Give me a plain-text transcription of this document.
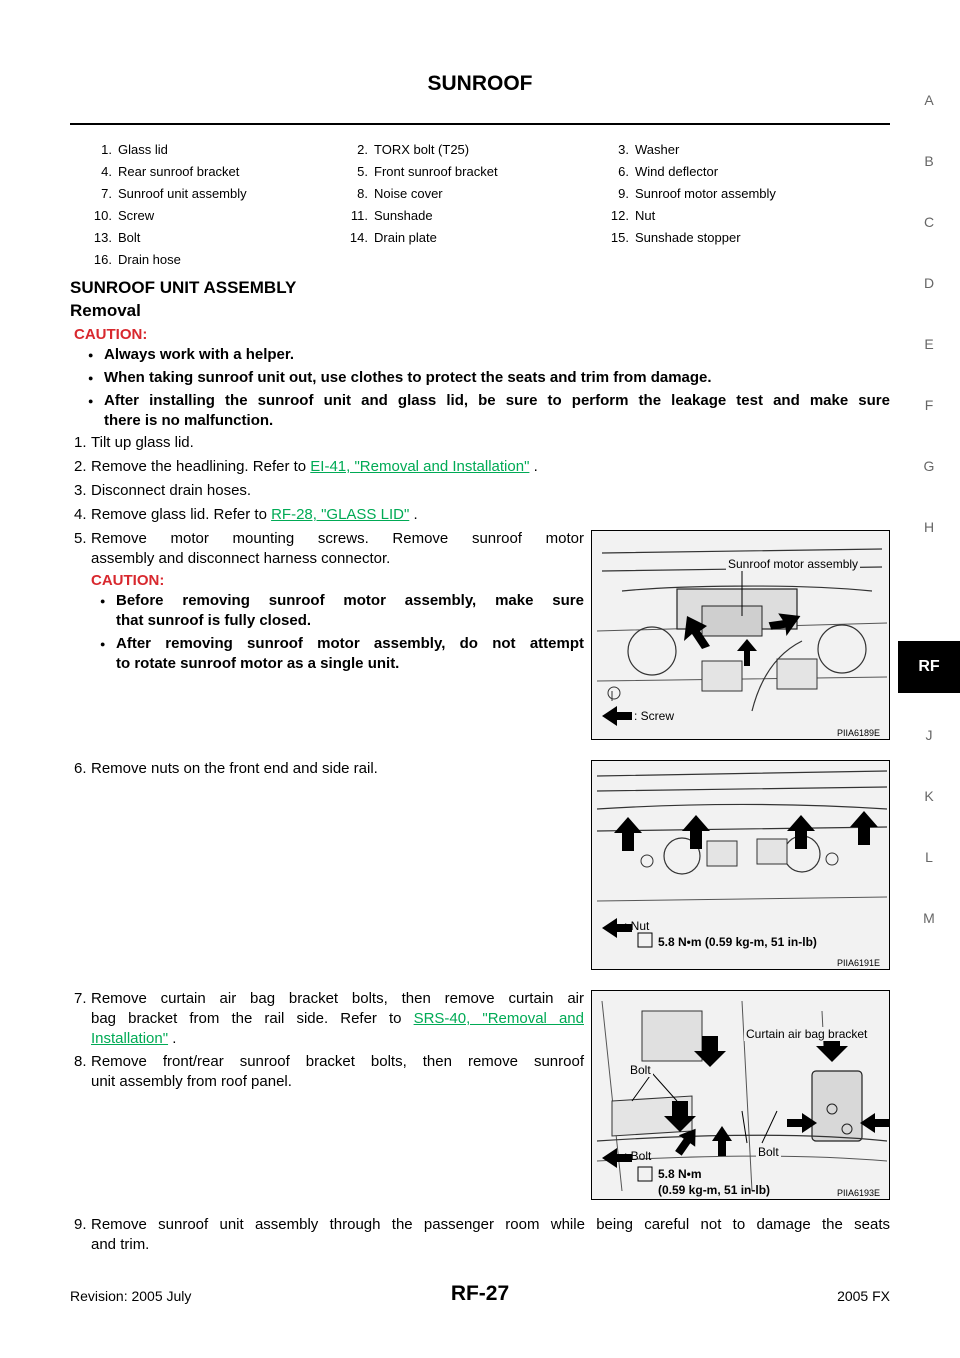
SUNROOF
A
B
C
D
E
F
G
H
RF
J
K
L
M
1. Glass lid	2. TORX bolt (T25)	3. Washer
4. Rear sunroof bracket	5. Front sunroof bracket	6. Wind deflector
7. Sunroof unit assembly	8. Noise cover	9. Sunroof motor assembly
10. Screw	11. Sunshade	12. Nut
13. Bolt	14. Drain plate	15. Sunshade stopper
16. Drain hose
SUNROOF UNIT ASSEMBLY
Removal
CAUTION:
● Always work with a helper.
● When taking sunroof unit out, use clothes to protect the seats and trim from damage.
● After installing the sunroof unit and glass lid, be sure to perform the leakage test and make sure
there is no malfunction.
1. Tilt up glass lid.
2. Remove the headlining. Refer to EI-41, "Removal and Installation" .
3. Disconnect drain hoses.
4. Remove glass lid. Refer to RF-28, "GLASS LID" .
5. Remove motor mounting screws. Remove sunroof motor
assembly and disconnect harness connector.
CAUTION:
● Before removing sunroof motor assembly, make sure
that sunroof is fully closed.
● After removing sunroof motor assembly, do not attempt
to rotate sunroof motor as a single unit.
Sunroof motor assembly
: Screw
PIIA6189E
6. Remove nuts on the front end and side rail.
: Nut
5.8 N•m (0.59 kg-m, 51 in-lb)
PIIA6191E
7. Remove curtain air bag bracket bolts, then remove curtain air
bag bracket from the rail side. Refer to SRS-40, "Removal and
Installation" .
8. Remove front/rear sunroof bracket bolts, then remove sunroof
unit assembly from roof panel.
Curtain air bag bracket
Bolt
Bolt
: Bolt
5.8 N•m
(0.59 kg-m, 51 in-lb)	PIIA6193E
9. Remove sunroof unit assembly through the passenger room while being careful not to damage the seats
and trim.
Revision: 2005 July	RF-27	2005 FX
